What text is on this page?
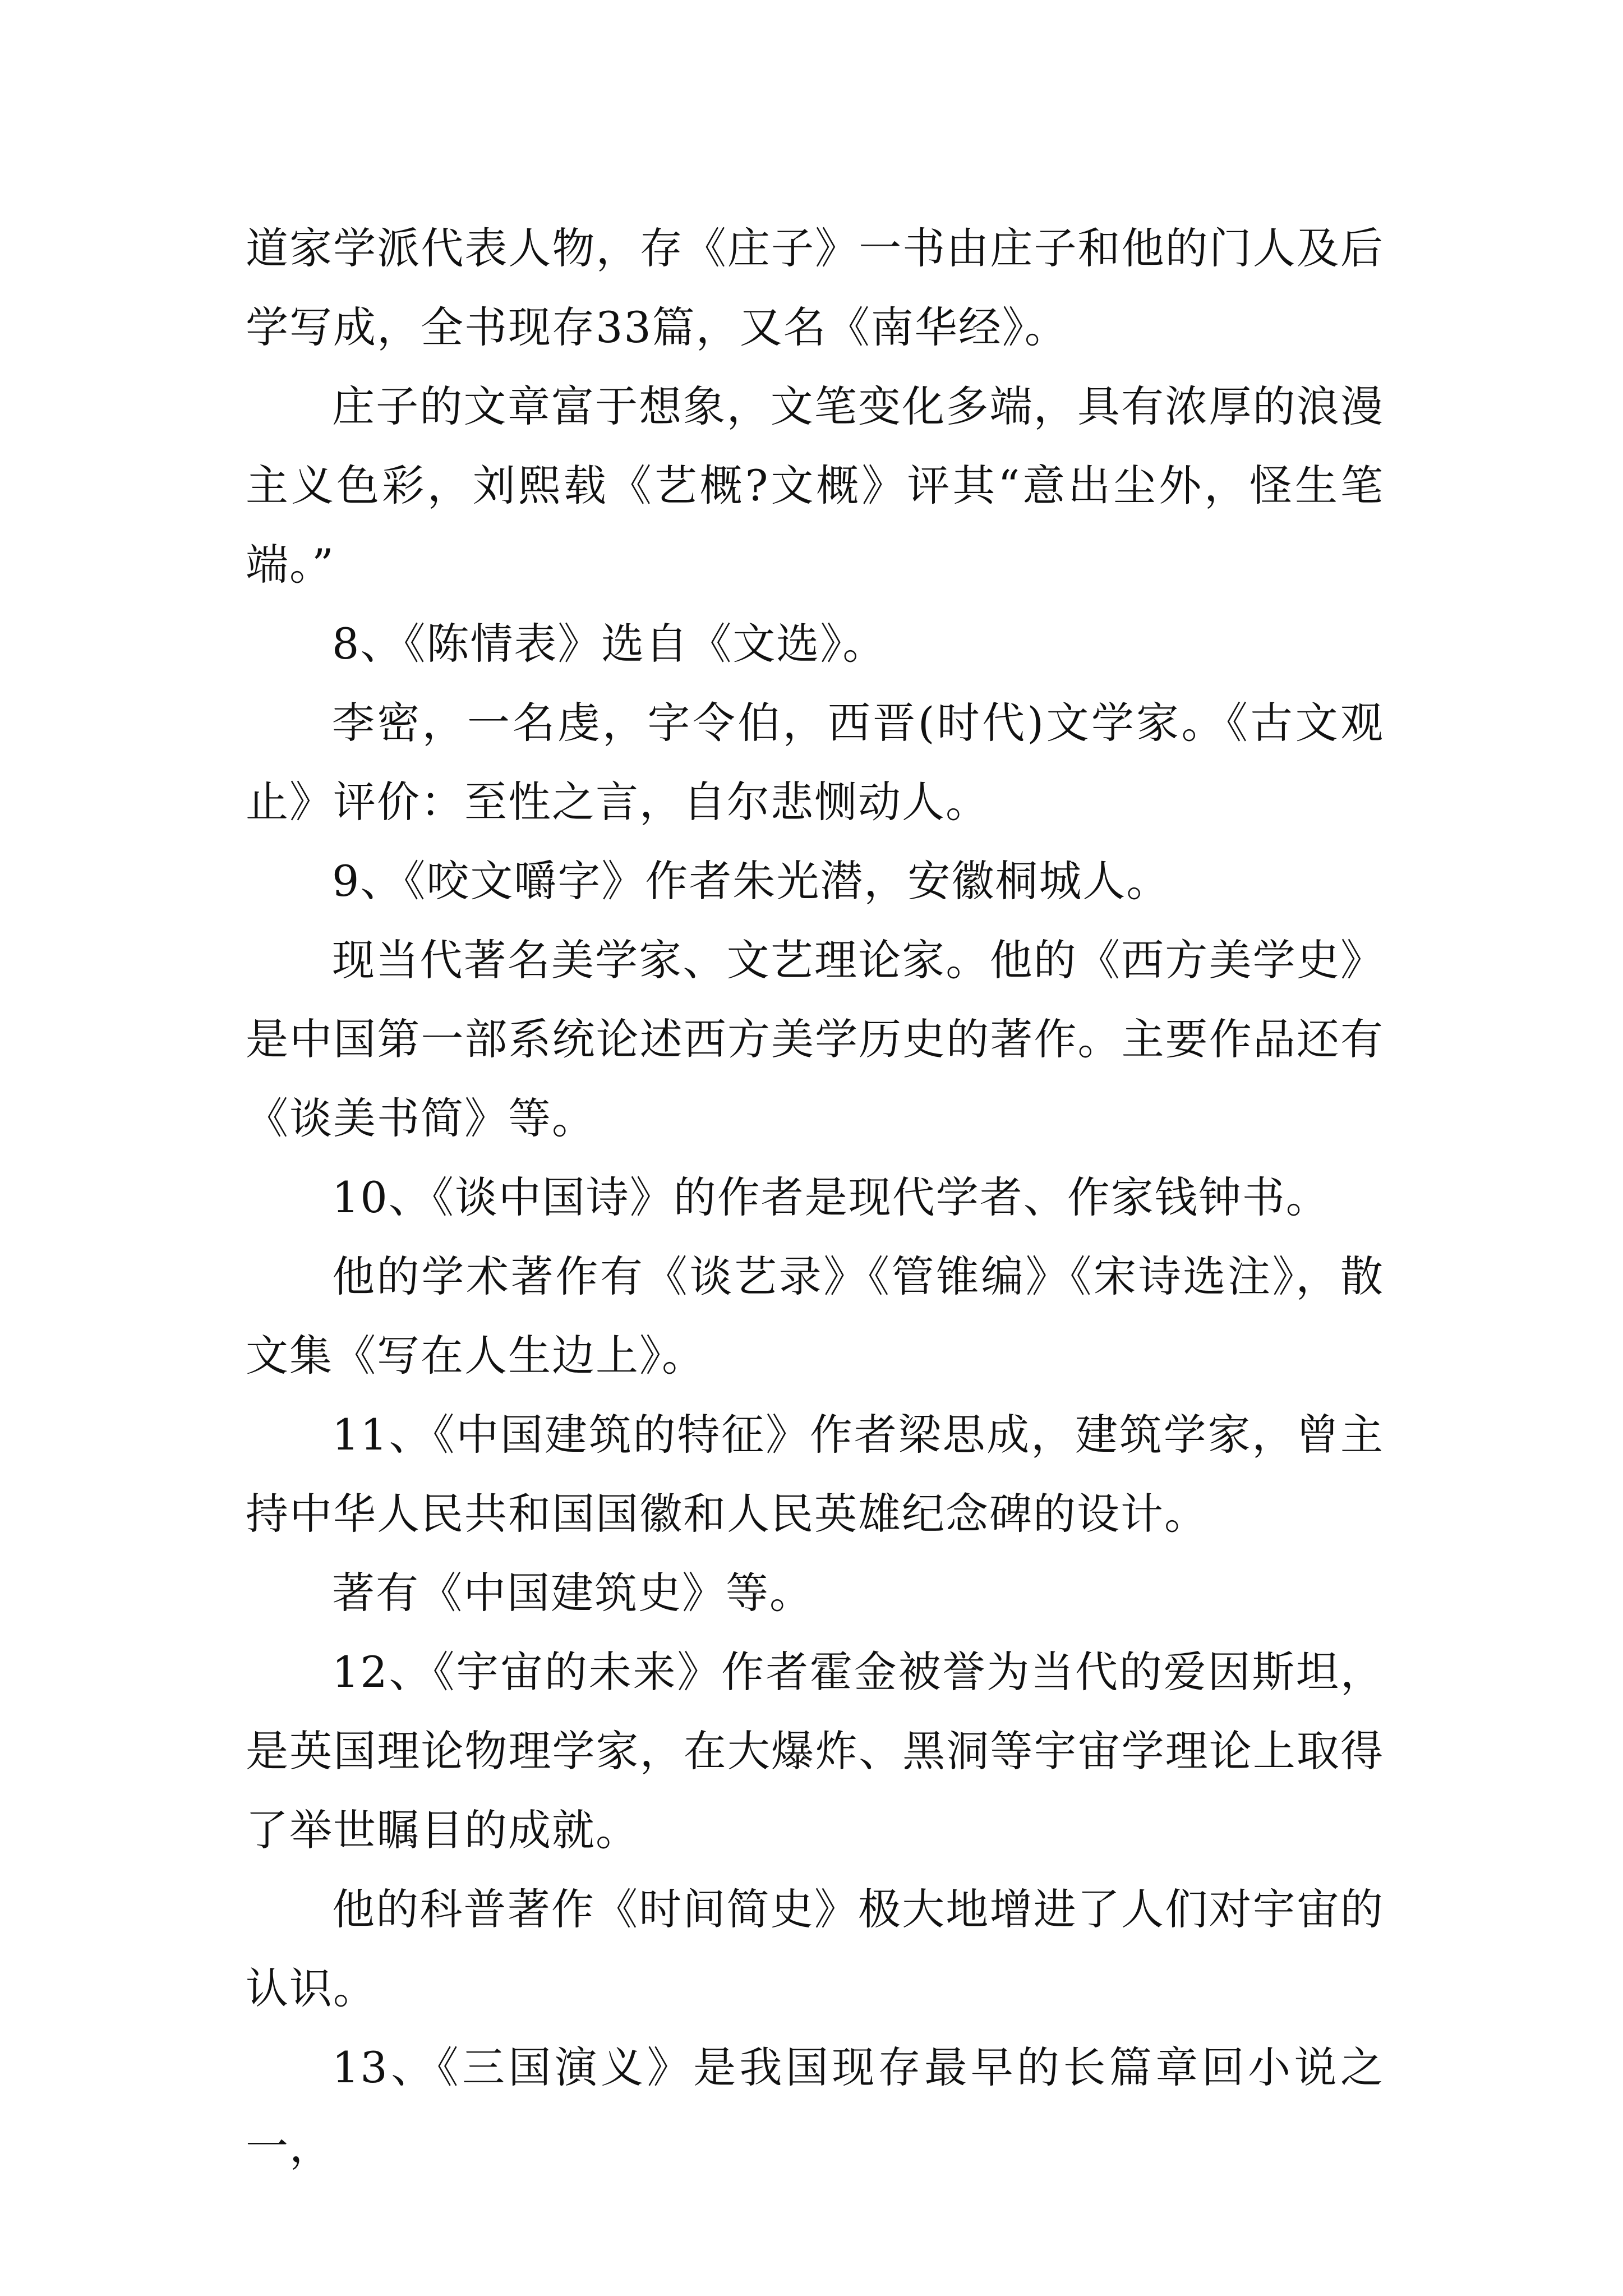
道家学派代表人物，存《庄子》一书由庄子和他的门人及后学写成，全书现存33篇，又名《南华经》。

庄子的文章富于想象，文笔变化多端，具有浓厚的浪漫主义色彩，刘熙载《艺概?文概》评其“意出尘外，怪生笔端。”

8、《陈情表》选自《文选》。

李密，一名虔，字令伯，西晋(时代)文学家。《古文观止》评价：至性之言，自尔悲恻动人。

9、《咬文嚼字》作者朱光潜，安徽桐城人。

现当代著名美学家、文艺理论家。他的《西方美学史》是中国第一部系统论述西方美学历史的著作。主要作品还有《谈美书简》等。

10、《谈中国诗》的作者是现代学者、作家钱钟书。

他的学术著作有《谈艺录》《管锥编》《宋诗选注》，散文集《写在人生边上》。

11、《中国建筑的特征》作者梁思成，建筑学家，曾主持中华人民共和国国徽和人民英雄纪念碑的设计。

著有《中国建筑史》等。

12、《宇宙的未来》作者霍金被誉为当代的爱因斯坦，是英国理论物理学家，在大爆炸、黑洞等宇宙学理论上取得了举世瞩目的成就。

他的科普著作《时间简史》极大地增进了人们对宇宙的认识。

13、《三国演义》是我国现存最早的长篇章回小说之一，
